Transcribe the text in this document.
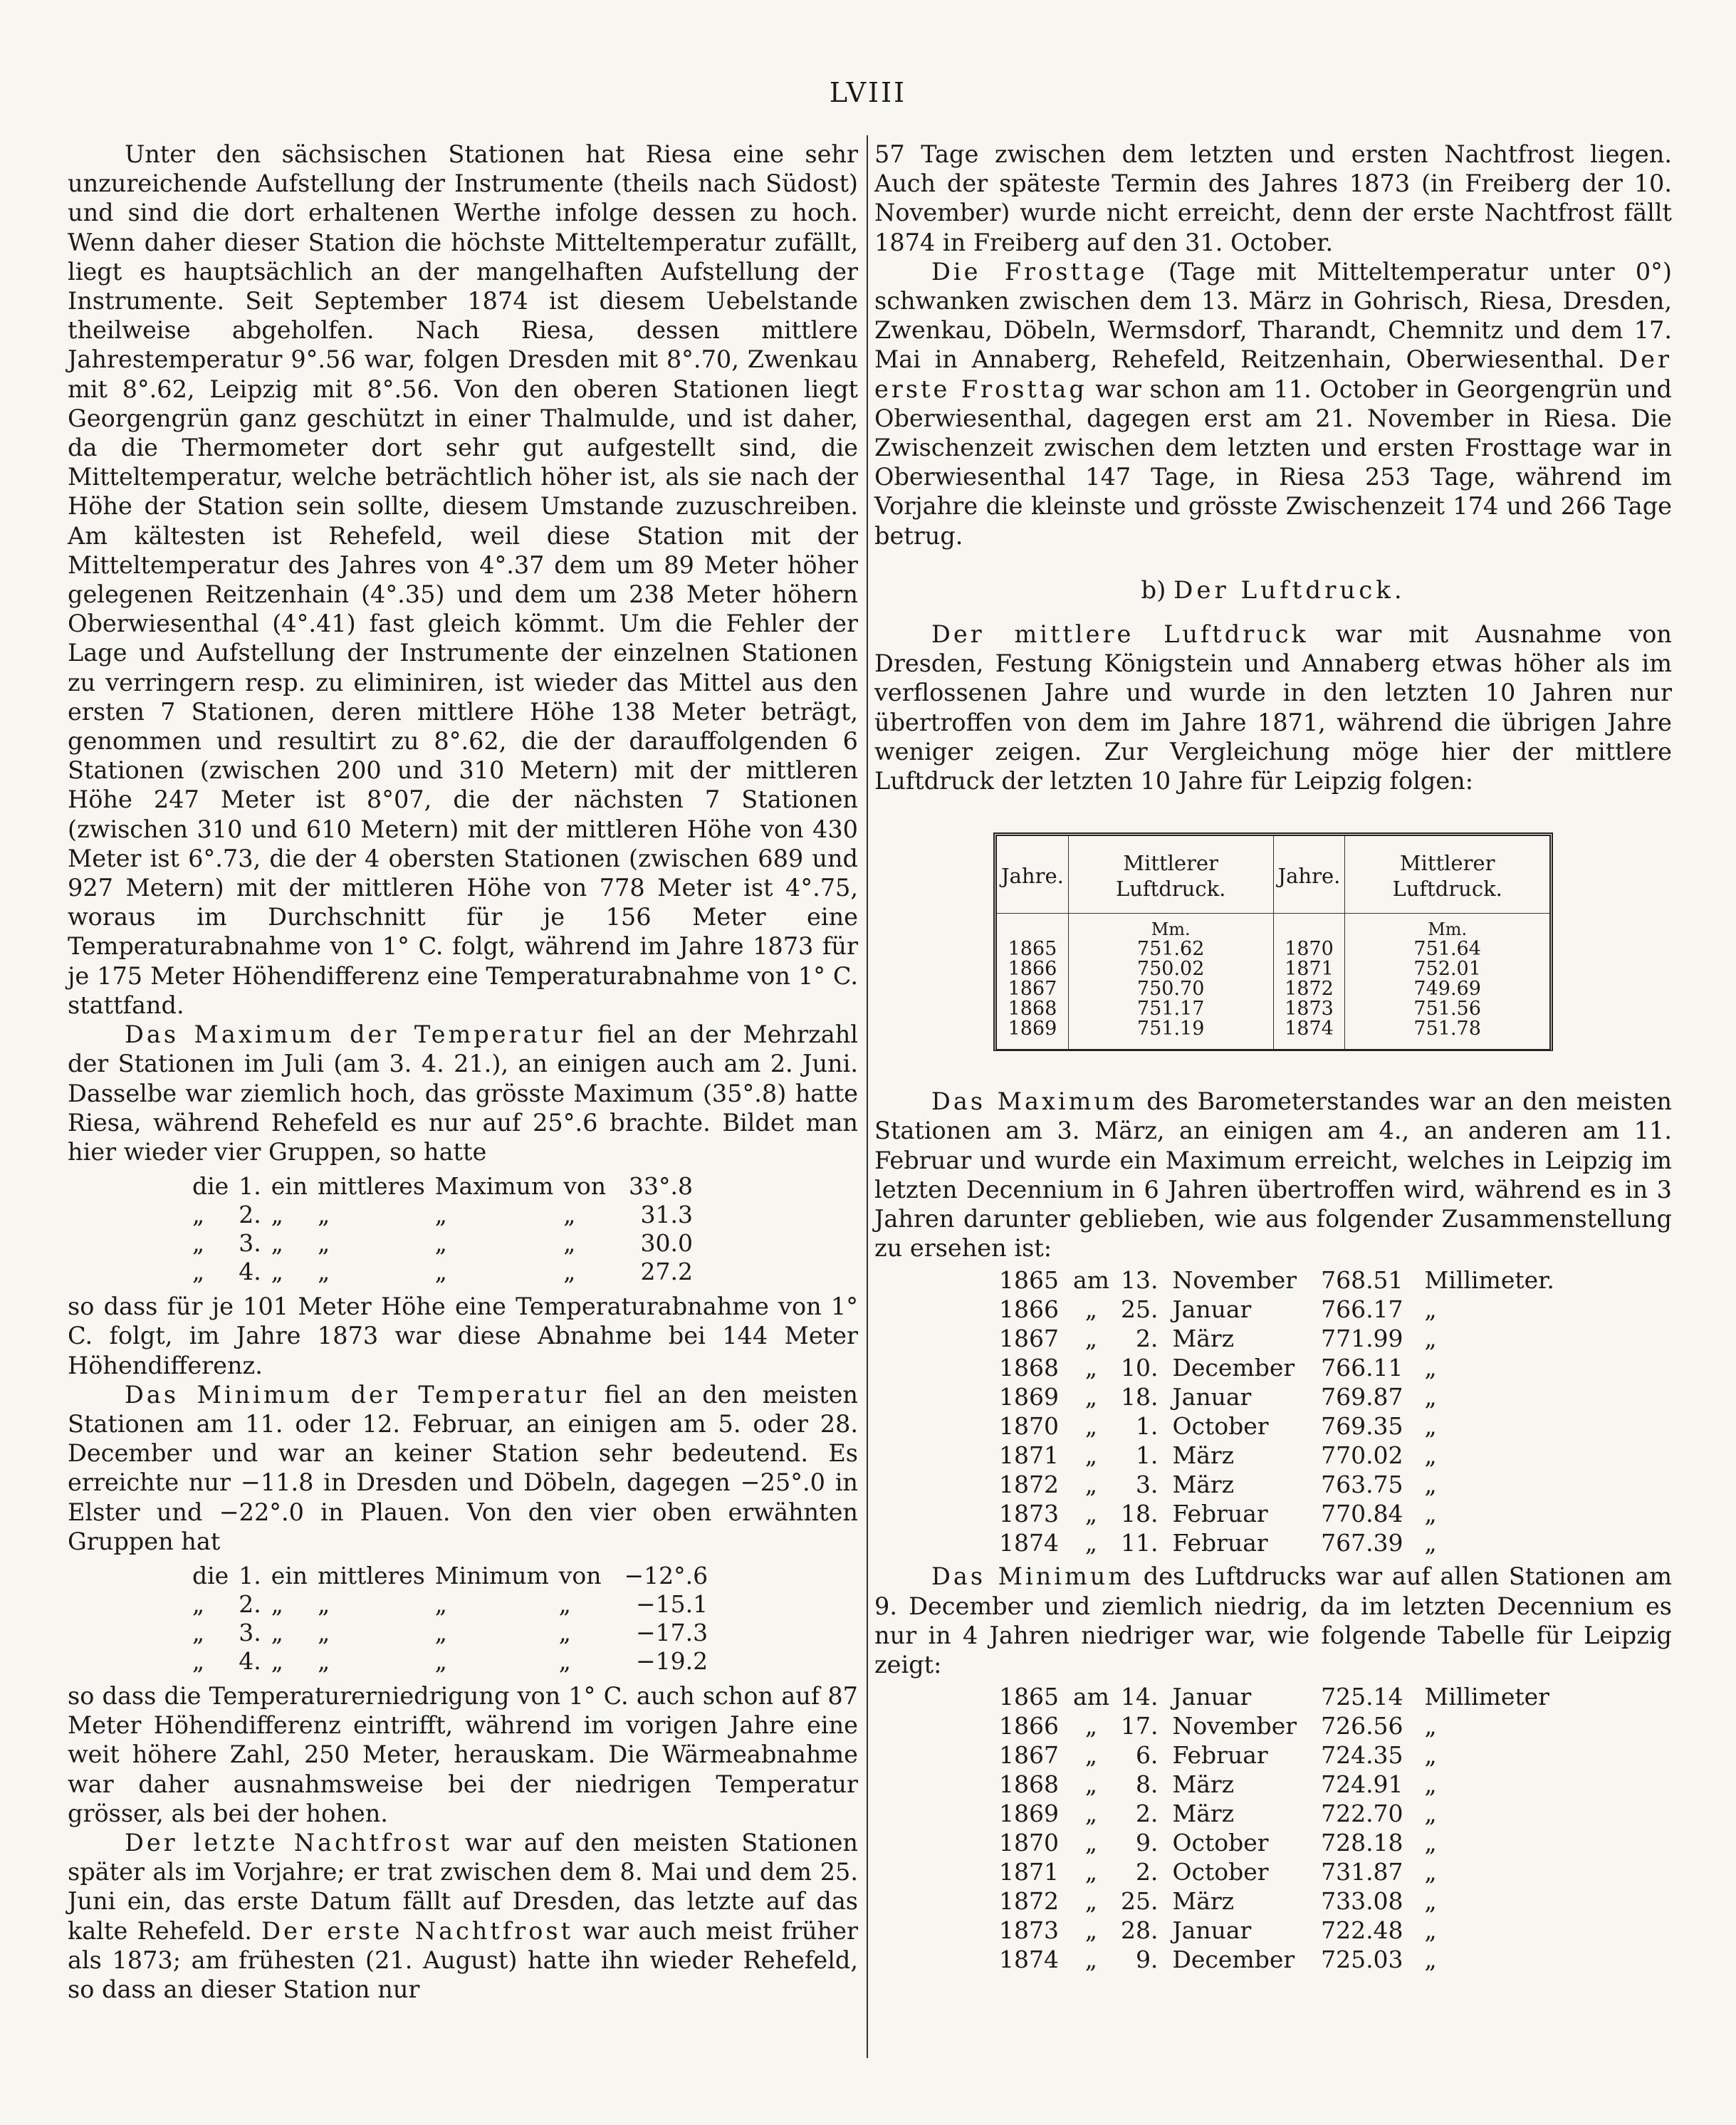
LVIII

Unter den sächsischen Stationen hat Riesa eine sehr unzureichende Aufstellung der Instrumente (theils nach Südost) und sind die dort erhaltenen Werthe infolge dessen zu hoch. Wenn daher dieser Station die höchste Mitteltemperatur zufällt, liegt es hauptsächlich an der mangelhaften Aufstellung der Instrumente. Seit September 1874 ist diesem Uebelstande theilweise abgeholfen. Nach Riesa, dessen mittlere Jahrestemperatur 9°.56 war, folgen Dresden mit 8°.70, Zwenkau mit 8°.62, Leipzig mit 8°.56. Von den oberen Stationen liegt Georgengrün ganz geschützt in einer Thalmulde, und ist daher, da die Thermometer dort sehr gut aufgestellt sind, die Mitteltemperatur, welche beträchtlich höher ist, als sie nach der Höhe der Station sein sollte, diesem Umstande zuzuschreiben. Am kältesten ist Rehefeld, weil diese Station mit der Mitteltemperatur des Jahres von 4°.37 dem um 89 Meter höher gelegenen Reitzenhain (4°.35) und dem um 238 Meter höhern Oberwiesenthal (4°.41) fast gleich kömmt. Um die Fehler der Lage und Aufstellung der Instrumente der einzelnen Stationen zu verringern resp. zu eliminiren, ist wieder das Mittel aus den ersten 7 Stationen, deren mittlere Höhe 138 Meter beträgt, genommen und resultirt zu 8°.62, die der darauffolgenden 6 Stationen (zwischen 200 und 310 Metern) mit der mittleren Höhe 247 Meter ist 8°07, die der nächsten 7 Stationen (zwischen 310 und 610 Metern) mit der mittleren Höhe von 430 Meter ist 6°.73, die der 4 obersten Stationen (zwischen 689 und 927 Metern) mit der mittleren Höhe von 778 Meter ist 4°.75, woraus im Durchschnitt für je 156 Meter eine Temperaturabnahme von 1° C. folgt, während im Jahre 1873 für je 175 Meter Höhendifferenz eine Temperaturabnahme von 1° C. stattfand.

Das Maximum der Temperatur fiel an der Mehrzahl der Stationen im Juli (am 3. 4. 21.), an einigen auch am 2. Juni. Dasselbe war ziemlich hoch, das grösste Maximum (35°.8) hatte Riesa, während Rehefeld es nur auf 25°.6 brachte. Bildet man hier wieder vier Gruppen, so hatte

die	1.	ein	mittleres	Maximum	von	33°.8
„	2.	„	„	„	„	31.3
„	3.	„	„	„	„	30.0
„	4.	„	„	„	„	27.2

so dass für je 101 Meter Höhe eine Temperaturabnahme von 1° C. folgt, im Jahre 1873 war diese Abnahme bei 144 Meter Höhendifferenz.

Das Minimum der Temperatur fiel an den meisten Stationen am 11. oder 12. Februar, an einigen am 5. oder 28. December und war an keiner Station sehr bedeutend. Es erreichte nur −11.8 in Dresden und Döbeln, dagegen −25°.0 in Elster und −22°.0 in Plauen. Von den vier oben erwähnten Gruppen hat

die	1.	ein	mittleres	Minimum	von	−12°.6
„	2.	„	„	„	„	−15.1
„	3.	„	„	„	„	−17.3
„	4.	„	„	„	„	−19.2

so dass die Temperaturerniedrigung von 1° C. auch schon auf 87 Meter Höhendifferenz eintrifft, während im vorigen Jahre eine weit höhere Zahl, 250 Meter, herauskam. Die Wärmeabnahme war daher ausnahmsweise bei der niedrigen Temperatur grösser, als bei der hohen.

Der letzte Nachtfrost war auf den meisten Stationen später als im Vorjahre; er trat zwischen dem 8. Mai und dem 25. Juni ein, das erste Datum fällt auf Dresden, das letzte auf das kalte Rehefeld. Der erste Nachtfrost war auch meist früher als 1873; am frühesten (21. August) hatte ihn wieder Rehefeld, so dass an dieser Station nur

57 Tage zwischen dem letzten und ersten Nachtfrost liegen. Auch der späteste Termin des Jahres 1873 (in Freiberg der 10. November) wurde nicht erreicht, denn der erste Nachtfrost fällt 1874 in Freiberg auf den 31. October.

Die Frosttage (Tage mit Mitteltemperatur unter 0°) schwanken zwischen dem 13. März in Gohrisch, Riesa, Dresden, Zwenkau, Döbeln, Wermsdorf, Tharandt, Chemnitz und dem 17. Mai in Annaberg, Rehefeld, Reitzenhain, Oberwiesenthal. Der erste Frosttag war schon am 11. October in Georgengrün und Oberwiesenthal, dagegen erst am 21. November in Riesa. Die Zwischenzeit zwischen dem letzten und ersten Frosttage war in Oberwiesenthal 147 Tage, in Riesa 253 Tage, während im Vorjahre die kleinste und grösste Zwischenzeit 174 und 266 Tage betrug.

b) Der Luftdruck.

Der mittlere Luftdruck war mit Ausnahme von Dresden, Festung Königstein und Annaberg etwas höher als im verflossenen Jahre und wurde in den letzten 10 Jahren nur übertroffen von dem im Jahre 1871, während die übrigen Jahre weniger zeigen. Zur Vergleichung möge hier der mittlere Luftdruck der letzten 10 Jahre für Leipzig folgen:

Jahre.	Mittlerer Luftdruck.	Jahre.	Mittlerer Luftdruck.
	Mm.		Mm.
1865	751.62	1870	751.64
1866	750.02	1871	752.01
1867	750.70	1872	749.69
1868	751.17	1873	751.56
1869	751.19	1874	751.78

Das Maximum des Barometerstandes war an den meisten Stationen am 3. März, an einigen am 4., an anderen am 11. Februar und wurde ein Maximum erreicht, welches in Leipzig im letzten Decennium in 6 Jahren übertroffen wird, während es in 3 Jahren darunter geblieben, wie aus folgender Zusammenstellung zu ersehen ist:

1865	am	13.	November	768.51	Millimeter.
1866	„	25.	Januar	766.17	„
1867	„	2.	März	771.99	„
1868	„	10.	December	766.11	„
1869	„	18.	Januar	769.87	„
1870	„	1.	October	769.35	„
1871	„	1.	März	770.02	„
1872	„	3.	März	763.75	„
1873	„	18.	Februar	770.84	„
1874	„	11.	Februar	767.39	„

Das Minimum des Luftdrucks war auf allen Stationen am 9. December und ziemlich niedrig, da im letzten Decennium es nur in 4 Jahren niedriger war, wie folgende Tabelle für Leipzig zeigt:

1865	am	14.	Januar	725.14	Millimeter
1866	„	17.	November	726.56	„
1867	„	6.	Februar	724.35	„
1868	„	8.	März	724.91	„
1869	„	2.	März	722.70	„
1870	„	9.	October	728.18	„
1871	„	2.	October	731.87	„
1872	„	25.	März	733.08	„
1873	„	28.	Januar	722.48	„
1874	„	9.	December	725.03	„
